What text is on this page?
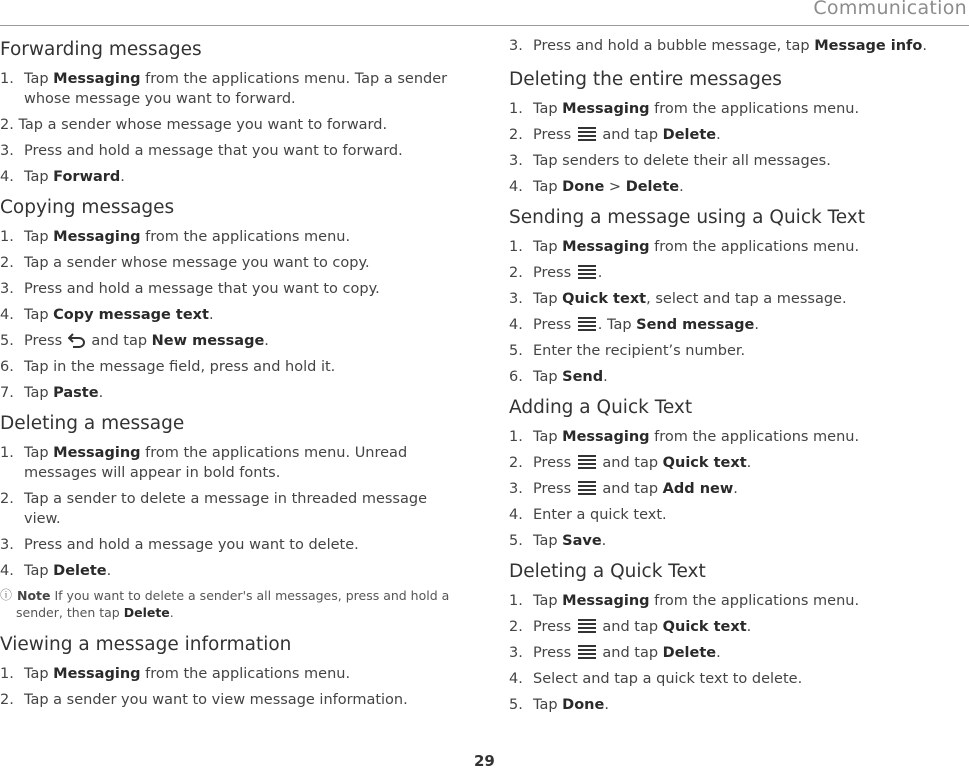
Communication
Forwarding messages
1. Tap Messaging from the applications menu. Tap a sender whose message you want to forward.
2. Tap a sender whose message you want to forward.
3. Press and hold a message that you want to forward.
4. Tap Forward.
Copying messages
1. Tap Messaging from the applications menu.
2. Tap a sender whose message you want to copy.
3. Press and hold a message that you want to copy.
4. Tap Copy message text.
5. Press  and tap New message.
6. Tap in the message field, press and hold it.
7. Tap Paste.
Deleting a message
1. Tap Messaging from the applications menu. Unread messages will appear in bold fonts.
2. Tap a sender to delete a message in threaded message view.
3. Press and hold a message you want to delete.
4. Tap Delete.
ⓘ Note If you want to delete a sender's all messages, press and hold a sender, then tap Delete.
Viewing a message information
1. Tap Messaging from the applications menu.
2. Tap a sender you want to view message information.
3. Press and hold a bubble message, tap Message info.
Deleting the entire messages
1. Tap Messaging from the applications menu.
2. Press  and tap Delete.
3. Tap senders to delete their all messages.
4. Tap Done > Delete.
Sending a message using a Quick Text
1. Tap Messaging from the applications menu.
2. Press .
3. Tap Quick text, select and tap a message.
4. Press . Tap Send message.
5. Enter the recipient’s number.
6. Tap Send.
Adding a Quick Text
1. Tap Messaging from the applications menu.
2. Press  and tap Quick text.
3. Press  and tap Add new.
4. Enter a quick text.
5. Tap Save.
Deleting a Quick Text
1. Tap Messaging from the applications menu.
2. Press  and tap Quick text.
3. Press  and tap Delete.
4. Select and tap a quick text to delete.
5. Tap Done.
29
